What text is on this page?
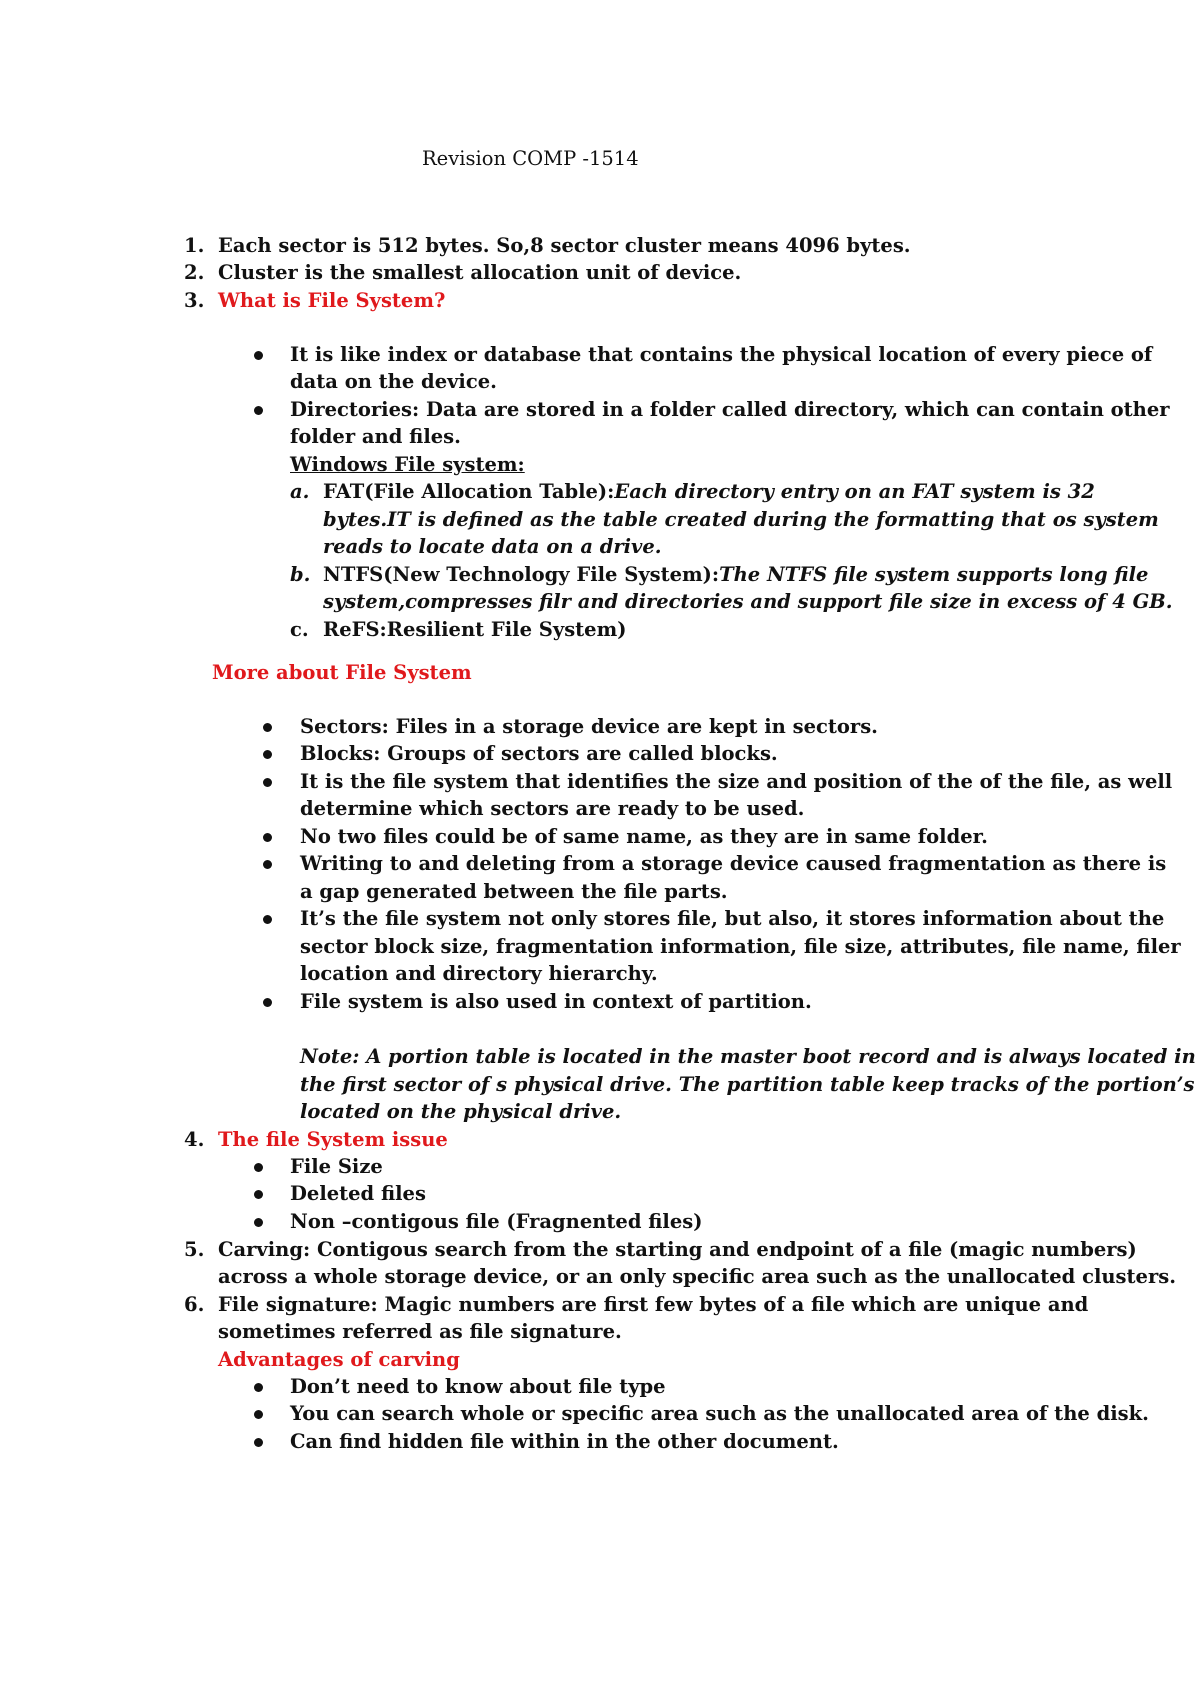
Revision COMP -1514
1. Each sector is 512 bytes. So,8 sector cluster means 4096 bytes.
2. Cluster is the smallest allocation unit of device.
3. What is File System?
It is like index or database that contains the physical location of every piece of
data on the device.
Directories: Data are stored in a folder called directory, which can contain other
folder and files.
Windows File system:
a. FAT(File Allocation Table):Each directory entry on an FAT system is 32
bytes.IT is defined as the table created during the formatting that os system
reads to locate data on a drive.
b. NTFS(New Technology File System):The NTFS file system supports long file
system,compresses filr and directories and support file size in excess of 4 GB.
c. ReFS:Resilient File System)
More about File System
Sectors: Files in a storage device are kept in sectors.
Blocks: Groups of sectors are called blocks.
It is the file system that identifies the size and position of the of the file, as well
determine which sectors are ready to be used.
No two files could be of same name, as they are in same folder.
Writing to and deleting from a storage device caused fragmentation as there is
a gap generated between the file parts.
It’s the file system not only stores file, but also, it stores information about the
sector block size, fragmentation information, file size, attributes, file name, filer
location and directory hierarchy.
File system is also used in context of partition.
Note: A portion table is located in the master boot record and is always located in
the first sector of s physical drive. The partition table keep tracks of the portion’s
located on the physical drive.
4. The file System issue
File Size
Deleted files
Non –contigous file (Fragnented files)
5. Carving: Contigous search from the starting and endpoint of a file (magic numbers)
across a whole storage device, or an only specific area such as the unallocated clusters.
6. File signature: Magic numbers are first few bytes of a file which are unique and
sometimes referred as file signature.
Advantages of carving
Don’t need to know about file type
You can search whole or specific area such as the unallocated area of the disk.
Can find hidden file within in the other document.
